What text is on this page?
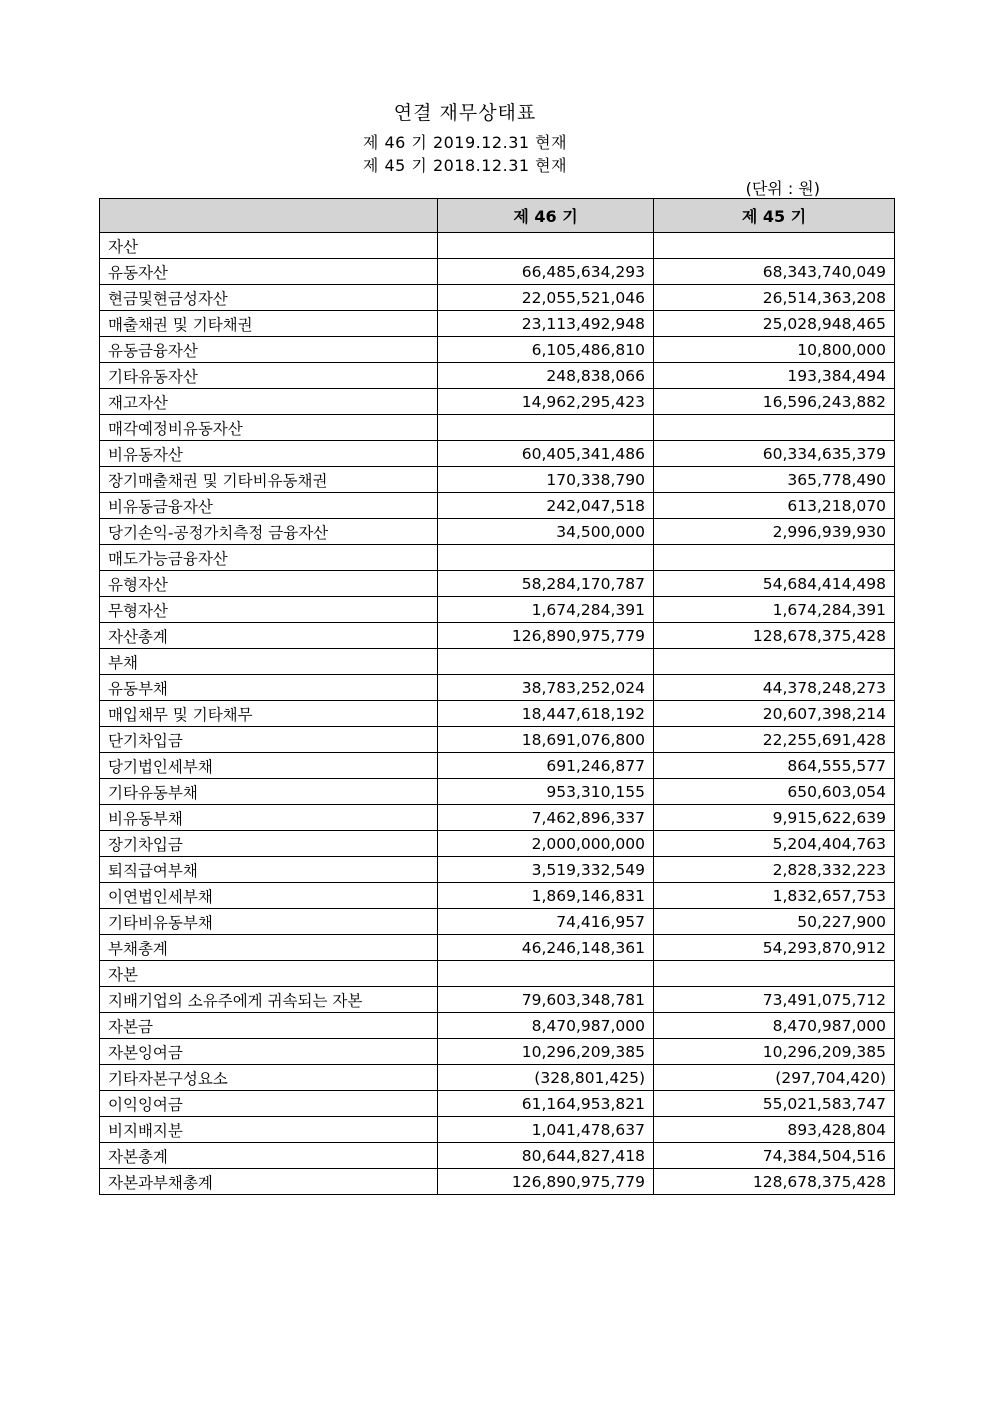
연결 재무상태표
제 46 기 2019.12.31 현재
제 45 기 2018.12.31 현재
(단위 : 원)
	제 46 기	제 45 기
자산		
유동자산	66,485,634,293	68,343,740,049
현금및현금성자산	22,055,521,046	26,514,363,208
매출채권 및 기타채권	23,113,492,948	25,028,948,465
유동금융자산	6,105,486,810	10,800,000
기타유동자산	248,838,066	193,384,494
재고자산	14,962,295,423	16,596,243,882
매각예정비유동자산		
비유동자산	60,405,341,486	60,334,635,379
장기매출채권 및 기타비유동채권	170,338,790	365,778,490
비유동금융자산	242,047,518	613,218,070
당기손익-공정가치측정 금융자산	34,500,000	2,996,939,930
매도가능금융자산		
유형자산	58,284,170,787	54,684,414,498
무형자산	1,674,284,391	1,674,284,391
자산총계	126,890,975,779	128,678,375,428
부채		
유동부채	38,783,252,024	44,378,248,273
매입채무 및 기타채무	18,447,618,192	20,607,398,214
단기차입금	18,691,076,800	22,255,691,428
당기법인세부채	691,246,877	864,555,577
기타유동부채	953,310,155	650,603,054
비유동부채	7,462,896,337	9,915,622,639
장기차입금	2,000,000,000	5,204,404,763
퇴직급여부채	3,519,332,549	2,828,332,223
이연법인세부채	1,869,146,831	1,832,657,753
기타비유동부채	74,416,957	50,227,900
부채총계	46,246,148,361	54,293,870,912
자본		
지배기업의 소유주에게 귀속되는 자본	79,603,348,781	73,491,075,712
자본금	8,470,987,000	8,470,987,000
자본잉여금	10,296,209,385	10,296,209,385
기타자본구성요소	(328,801,425)	(297,704,420)
이익잉여금	61,164,953,821	55,021,583,747
비지배지분	1,041,478,637	893,428,804
자본총계	80,644,827,418	74,384,504,516
자본과부채총계	126,890,975,779	128,678,375,428
